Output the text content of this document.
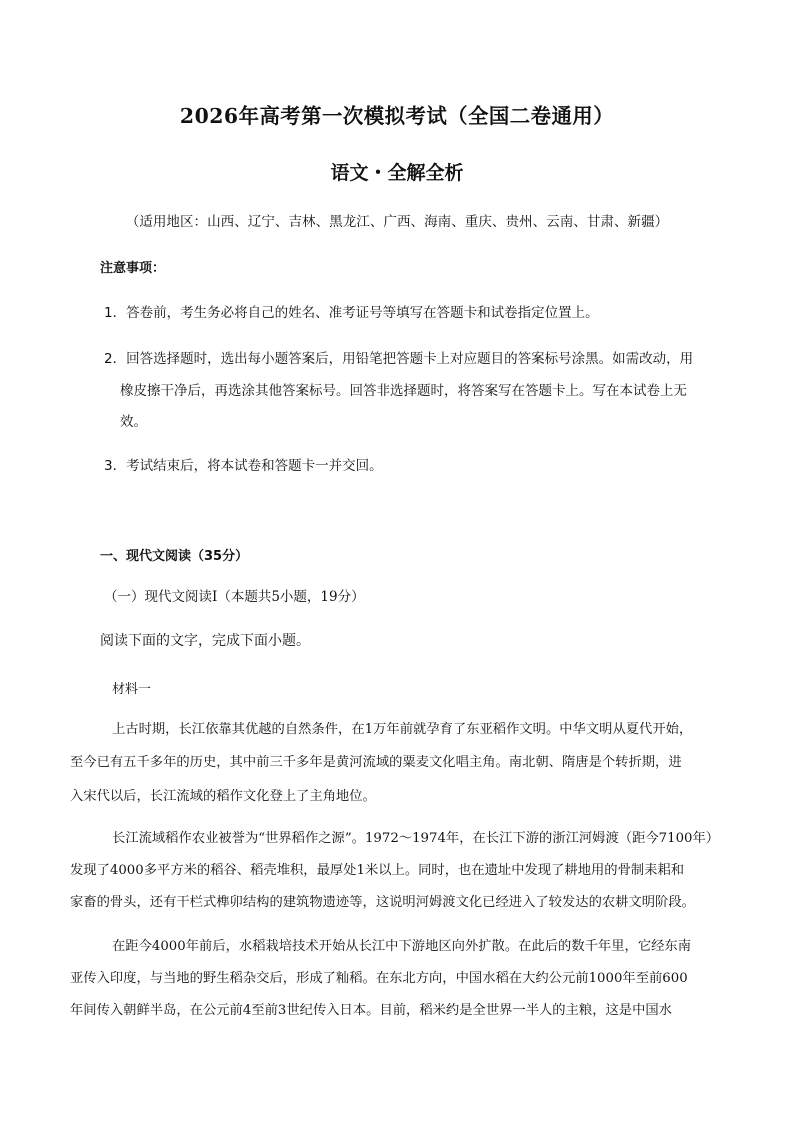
2026年高考第一次模拟考试（全国二卷通用）
语文・全解全析
（适用地区：山西、辽宁、吉林、黑龙江、广西、海南、重庆、贵州、云南、甘肃、新疆）
注意事项：
1．答卷前，考生务必将自己的姓名、准考证号等填写在答题卡和试卷指定位置上。
2．回答选择题时，选出每小题答案后，用铅笔把答题卡上对应题目的答案标号涂黑。如需改动，用
橡皮擦干净后，再选涂其他答案标号。回答非选择题时，将答案写在答题卡上。写在本试卷上无
效。
3．考试结束后，将本试卷和答题卡一并交回。
一、现代文阅读（35分）
（一）现代文阅读Ⅰ（本题共5小题，19分）
阅读下面的文字，完成下面小题。
材料一
上古时期，长江依靠其优越的自然条件，在1万年前就孕育了东亚稻作文明。中华文明从夏代开始，
至今已有五千多年的历史，其中前三千多年是黄河流域的粟麦文化唱主角。南北朝、隋唐是个转折期，进
入宋代以后，长江流域的稻作文化登上了主角地位。
长江流域稻作农业被誉为“世界稻作之源”。1972～1974年，在长江下游的浙江河姆渡（距今7100年）
发现了4000多平方米的稻谷、稻壳堆积，最厚处1米以上。同时，也在遗址中发现了耕地用的骨制耒耜和
家畜的骨头，还有干栏式榫卯结构的建筑物遗迹等，这说明河姆渡文化已经进入了较发达的农耕文明阶段。
在距今4000年前后，水稻栽培技术开始从长江中下游地区向外扩散。在此后的数千年里，它经东南
亚传入印度，与当地的野生稻杂交后，形成了籼稻。在东北方向，中国水稻在大约公元前1000年至前600
年间传入朝鲜半岛，在公元前4至前3世纪传入日本。目前，稻米约是全世界一半人的主粮，这是中国水
